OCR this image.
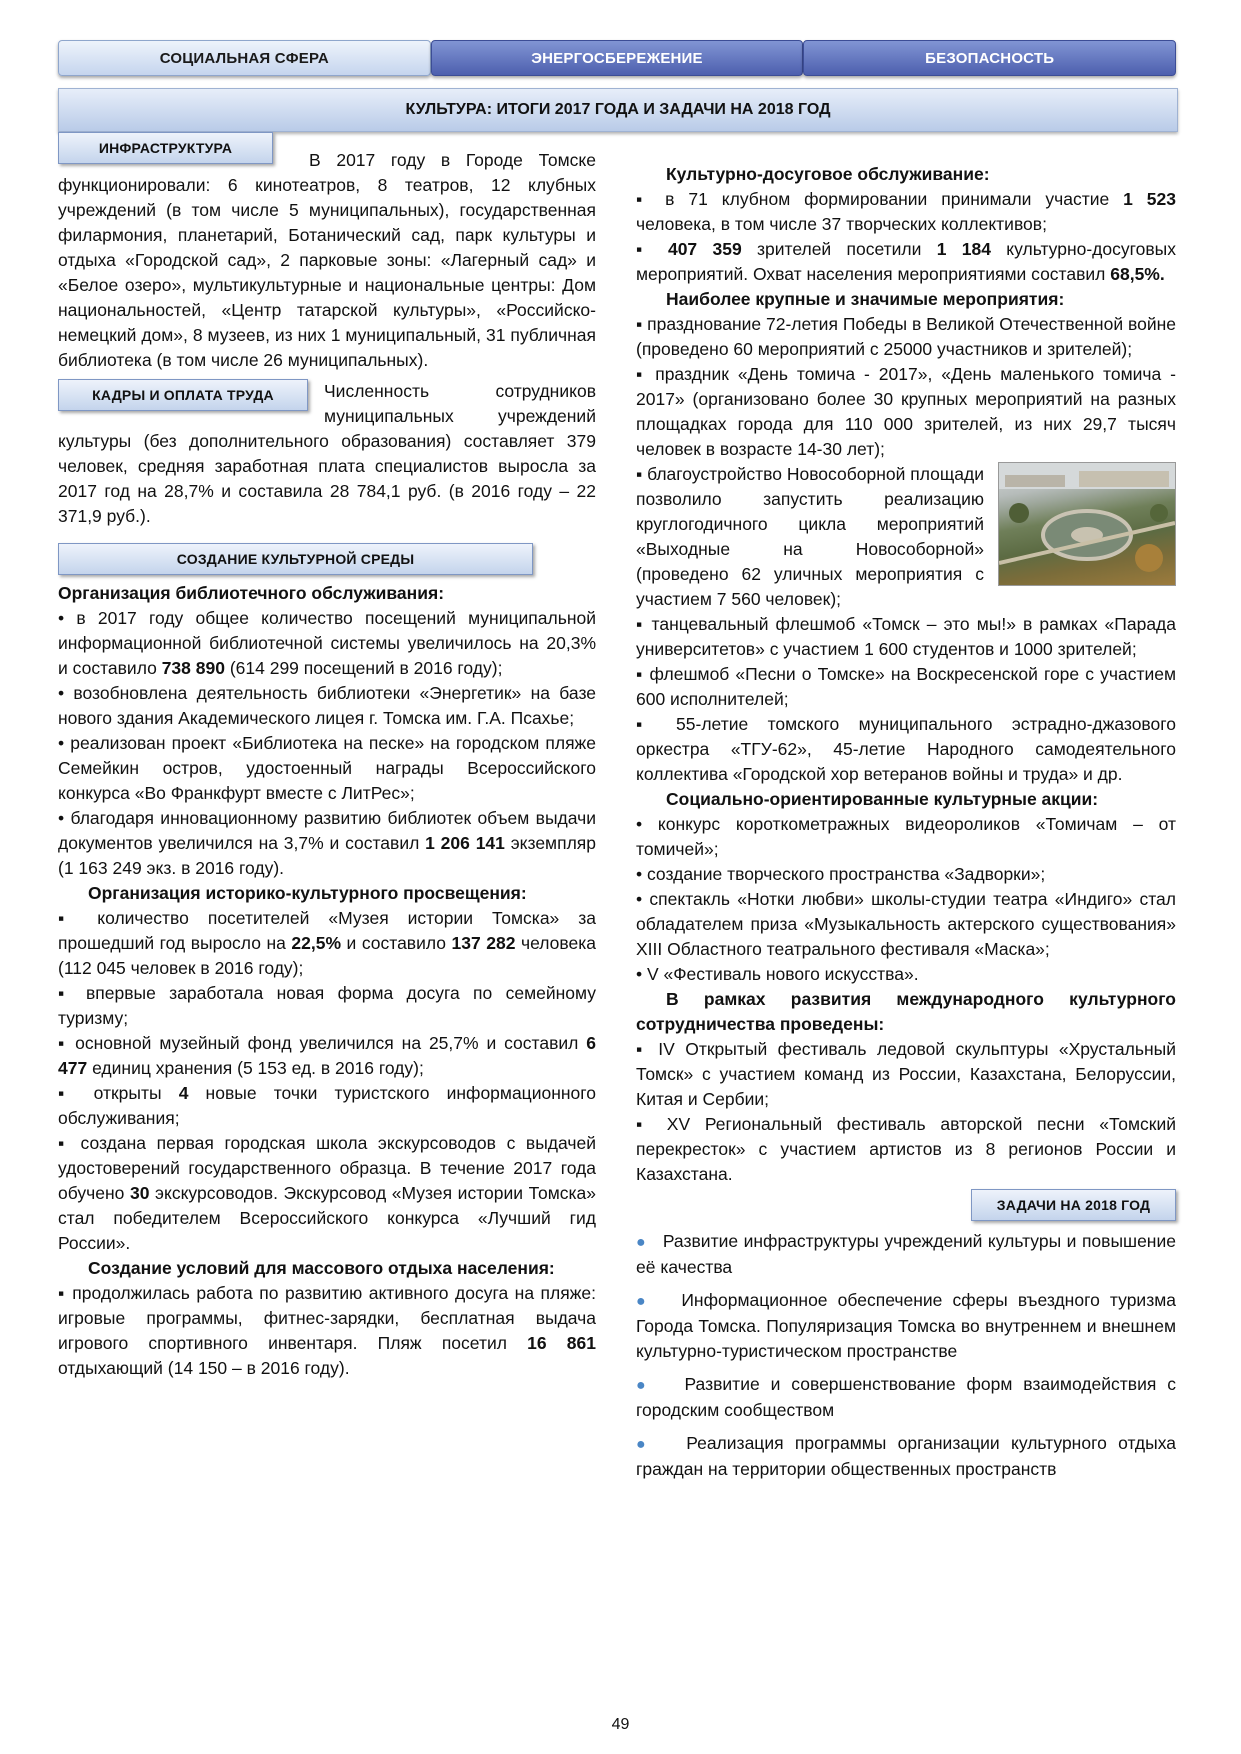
СОЦИАЛЬНАЯ СФЕРА	ЭНЕРГОСБЕРЕЖЕНИЕ	БЕЗОПАСНОСТЬ
КУЛЬТУРА: ИТОГИ 2017 ГОДА И ЗАДАЧИ НА 2018 ГОД

ИНФРАСТРУКТУРА
В 2017 году в Городе Томске функционировали: 6 кинотеатров, 8 театров, 12 клубных учреждений (в том числе 5 муниципальных), государственная филармония, планетарий, Ботанический сад, парк культуры и отдыха «Городской сад», 2 парковые зоны: «Лагерный сад» и «Белое озеро», мультикультурные и национальные центры: Дом национальностей, «Центр татарской культуры», «Российско-немецкий дом», 8 музеев, из них 1 муниципальный, 31 публичная библиотека (в том числе 26 муниципальных).

КАДРЫ И ОПЛАТА ТРУДА	Численность сотрудников муниципальных учреждений культуры (без дополнительного образования) составляет 379 человек, средняя заработная плата специалистов выросла за 2017 год на 28,7% и составила 28 784,1 руб. (в 2016 году – 22 371,9 руб.).

СОЗДАНИЕ КУЛЬТУРНОЙ СРЕДЫ

Организация библиотечного обслуживания:

• в 2017 году общее количество посещений муниципальной информационной библиотечной системы увеличилось на 20,3% и составило 738 890 (614 299 посещений в 2016 году);

• возобновлена деятельность библиотеки «Энергетик» на базе нового здания Академического лицея г. Томска им. Г.А. Псахье;

• реализован проект «Библиотека на песке» на городском пляже Семейкин остров, удостоенный награды Всероссийского конкурса «Во Франкфурт вместе с ЛитРес»;

• благодаря инновационному развитию библиотек объем выдачи документов увеличился на 3,7% и составил 1 206 141 экземпляр (1 163 249 экз. в 2016 году).

Организация историко-культурного просвещения:

▪ количество посетителей «Музея истории Томска» за прошедший год выросло на 22,5% и составило 137 282 человека (112 045 человек в 2016 году);

▪ впервые заработала новая форма досуга по семейному туризму;

▪ основной музейный фонд увеличился на 25,7% и составил 6 477 единиц хранения (5 153 ед. в 2016 году);

▪ открыты 4 новые точки туристского информационного обслуживания;

▪ создана первая городская школа экскурсоводов с выдачей удостоверений государственного образца. В течение 2017 года обучено 30 экскурсоводов. Экскурсовод «Музея истории Томска» стал победителем Всероссийского конкурса «Лучший гид России».

Создание условий для массового отдыха населения:

▪ продолжилась работа по развитию активного досуга на пляже: игровые программы, фитнес-зарядки, бесплатная выдача игрового спортивного инвентаря. Пляж посетил 16 861 отдыхающий (14 150 – в 2016 году).

Культурно-досуговое обслуживание:

▪ в 71 клубном формировании принимали участие 1 523 человека, в том числе 37 творческих коллективов;

▪ 407 359 зрителей посетили 1 184 культурно-досуговых мероприятий. Охват населения мероприятиями составил 68,5%.

Наиболее крупные и значимые мероприятия:

▪ празднование 72-летия Победы в Великой Отечественной войне (проведено 60 мероприятий с 25000 участников и зрителей);

▪ праздник «День томича - 2017», «День маленького томича - 2017» (организовано более 30 крупных мероприятий на разных площадках города для 110 000 зрителей, из них 29,7 тысяч человек в возрасте 14-30 лет);

▪ благоустройство Новособорной площади позволило запустить реализацию круглогодичного цикла мероприятий «Выходные на Новособорной» (проведено 62 уличных мероприятия с участием 7 560 человек);

▪ танцевальный флешмоб «Томск – это мы!» в рамках «Парада университетов» с участием 1 600 студентов и 1000 зрителей;

▪ флешмоб «Песни о Томске» на Воскресенской горе с участием 600 исполнителей;

▪ 55-летие томского муниципального эстрадно-джазового оркестра «ТГУ-62», 45-летие Народного самодеятельного коллектива «Городской хор ветеранов войны и труда» и др.

Социально-ориентированные культурные акции:

• конкурс короткометражных видеороликов «Томичам – от томичей»;

• создание творческого пространства «Задворки»;

• спектакль «Нотки любви» школы-студии театра «Индиго» стал обладателем приза «Музыкальность актерского существования» XIII Областного театрального фестиваля «Маска»;

• V «Фестиваль нового искусства».

В рамках развития международного культурного сотрудничества проведены:

▪ IV Открытый фестиваль ледовой скульптуры «Хрустальный Томск» с участием команд из России, Казахстана, Белоруссии, Китая и Сербии;

▪ XV Региональный фестиваль авторской песни «Томский перекресток» с участием артистов из 8 регионов России и Казахстана.

ЗАДАЧИ НА 2018 ГОД

● Развитие инфраструктуры учреждений культуры и повышение её качества

● Информационное обеспечение сферы въездного туризма Города Томска. Популяризация Томска во внутреннем и внешнем культурно-туристическом пространстве

● Развитие и совершенствование форм взаимодействия с городским сообществом

● Реализация программы организации культурного отдыха граждан на территории общественных пространств

49
